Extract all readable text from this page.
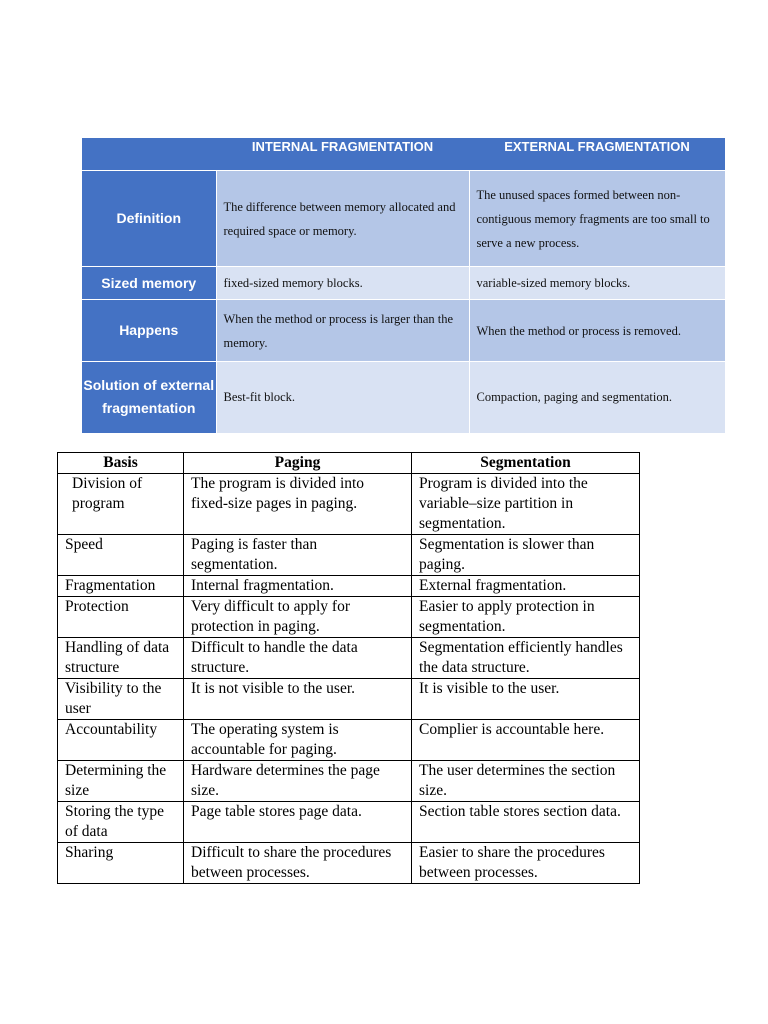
	INTERNAL FRAGMENTATION	EXTERNAL FRAGMENTATION
Definition	The difference between memory allocated and required space or memory.	The unused spaces formed between non-contiguous memory fragments are too small to serve a new process.
Sized memory	fixed-sized memory blocks.	variable-sized memory blocks.
Happens	When the method or process is larger than the memory.	When the method or process is removed.
Solution of external fragmentation	Best-fit block.	Compaction, paging and segmentation.
Basis	Paging	Segmentation
Division of program	The program is divided into fixed-size pages in paging.	Program is divided into the variable–size partition in segmentation.
Speed	Paging is faster than segmentation.	Segmentation is slower than paging.
Fragmentation	Internal fragmentation.	External fragmentation.
Protection	Very difficult to apply for protection in paging.	Easier to apply protection in segmentation.
Handling of data structure	Difficult to handle the data structure.	Segmentation efficiently handles the data structure.
Visibility to the user	It is not visible to the user.	It is visible to the user.
Accountability	The operating system is accountable for paging.	Complier is accountable here.
Determining the size	Hardware determines the page size.	The user determines the section size.
Storing the type of data	Page table stores page data.	Section table stores section data.
Sharing	Difficult to share the procedures between processes.	Easier to share the procedures between processes.
